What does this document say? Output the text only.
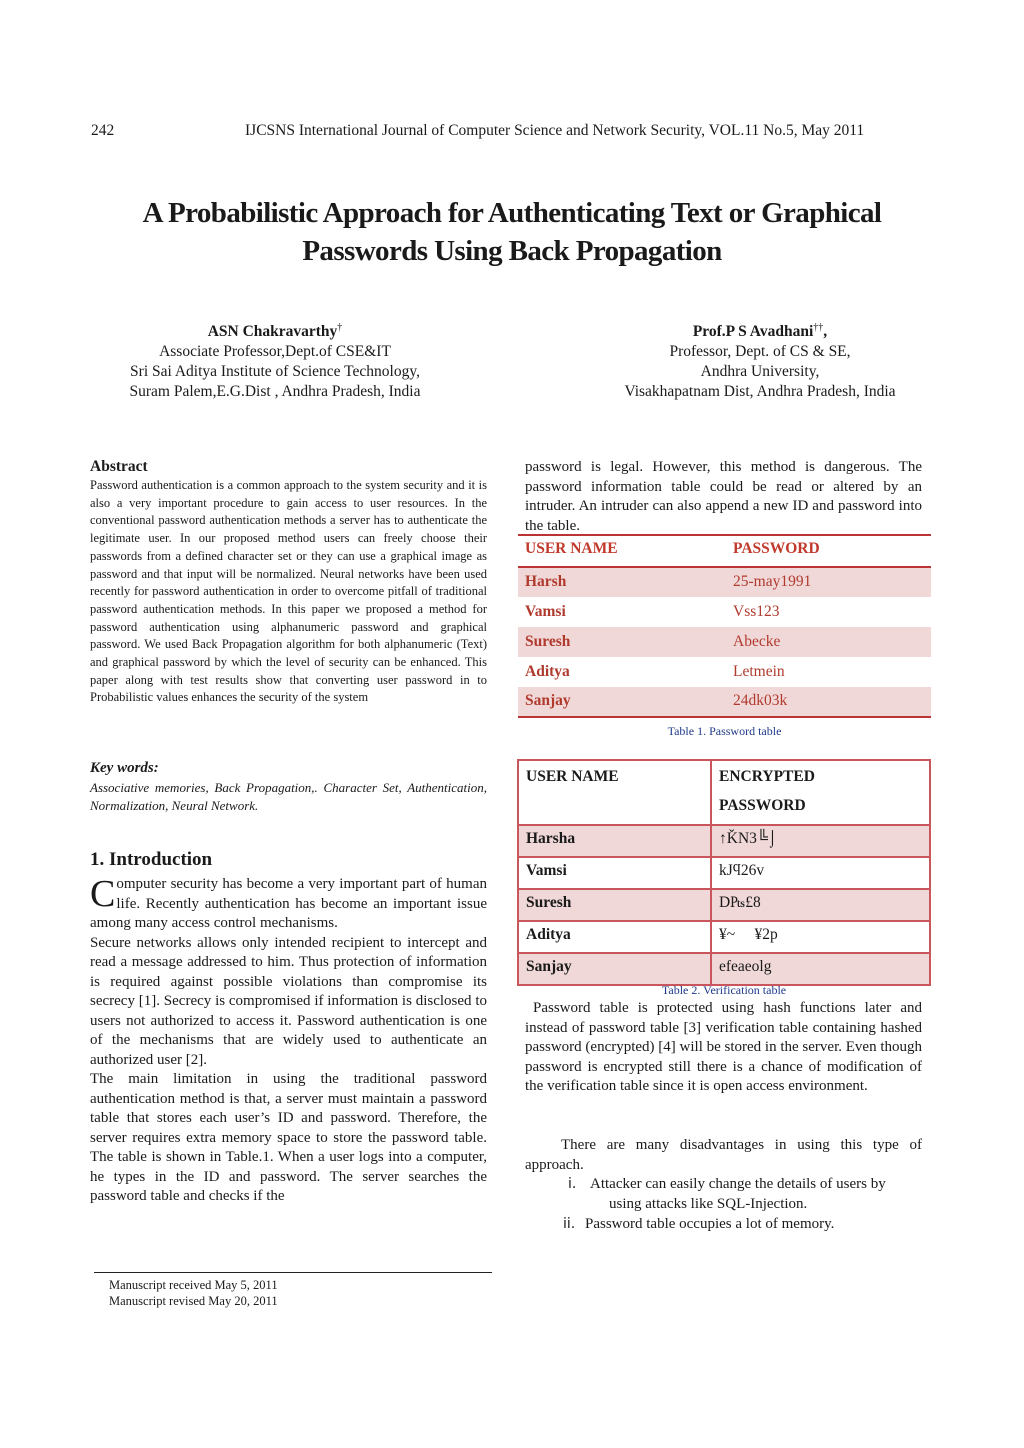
242	IJCSNS International Journal of Computer Science and Network Security, VOL.11 No.5, May 2011
A Probabilistic Approach for Authenticating Text or Graphical
Passwords Using Back Propagation
ASN Chakravarthy†
Associate Professor,Dept.of CSE&IT
Sri Sai Aditya Institute of Science Technology,
Suram Palem,E.G.Dist , Andhra Pradesh, India
Prof.P S Avadhani††,
Professor, Dept. of CS & SE,
Andhra University,
Visakhapatnam Dist, Andhra Pradesh, India
Abstract
Password authentication is a common approach to the system security and it is also a very important procedure to gain access to user resources. In the conventional password authentication methods a server has to authenticate the legitimate user. In our proposed method users can freely choose their passwords from a defined character set or they can use a graphical image as password and that input will be normalized. Neural networks have been used recently for password authentication in order to overcome pitfall of traditional password authentication methods. In this paper we proposed a method for password authentication using alphanumeric password and graphical password. We used Back Propagation algorithm for both alphanumeric (Text) and graphical password by which the level of security can be enhanced. This paper along with test results show that converting user password in to Probabilistic values enhances the security of the system
Key words:
Associative memories, Back Propagation,. Character Set, Authentication, Normalization, Neural Network.
1. Introduction

Computer security has become a very important part of human life. Recently authentication has become an important issue among many access control mechanisms.

Secure networks allows only intended recipient to intercept and read a message addressed to him. Thus protection of information is required against possible violations than compromise its secrecy [1]. Secrecy is compromised if information is disclosed to users not authorized to access it. Password authentication is one of the mechanisms that are widely used to authenticate an authorized user [2].

The main limitation in using the traditional password authentication method is that, a server must maintain a password table that stores each user’s ID and password. Therefore, the server requires extra memory space to store the password table. The table is shown in Table.1. When a user logs into a computer, he types in the ID and password. The server searches the password table and checks if the

Manuscript received May 5, 2011
Manuscript revised May 20, 2011
password is legal. However, this method is dangerous. The password information table could be read or altered by an intruder. An intruder can also append a new ID and password into the table.
USER NAME	PASSWORD
Harsh	25-may1991
Vamsi	Vss123
Suresh	Abecke
Aditya	Letmein
Sanjay	24dk03k
Table 1. Password table
USER NAME	ENCRYPTED
PASSWORD

Harsha	↑ǨN3╚⌡
Vamsi	kJϥ26v
Suresh	D₧£8
Aditya	¥~     ¥2p
Sanjay	efeaeolg
Table 2. Verification table
Password table is protected using hash functions later and instead of password table [3] verification table containing hashed password (encrypted) [4] will be stored in the server. Even though password is encrypted still there is a chance of modification of the verification table since it is open access environment.
There are many disadvantages in using this type of approach.
i. Attacker can easily change the details of users by
using attacks like SQL-Injection.
ii. Password table occupies a lot of memory.
